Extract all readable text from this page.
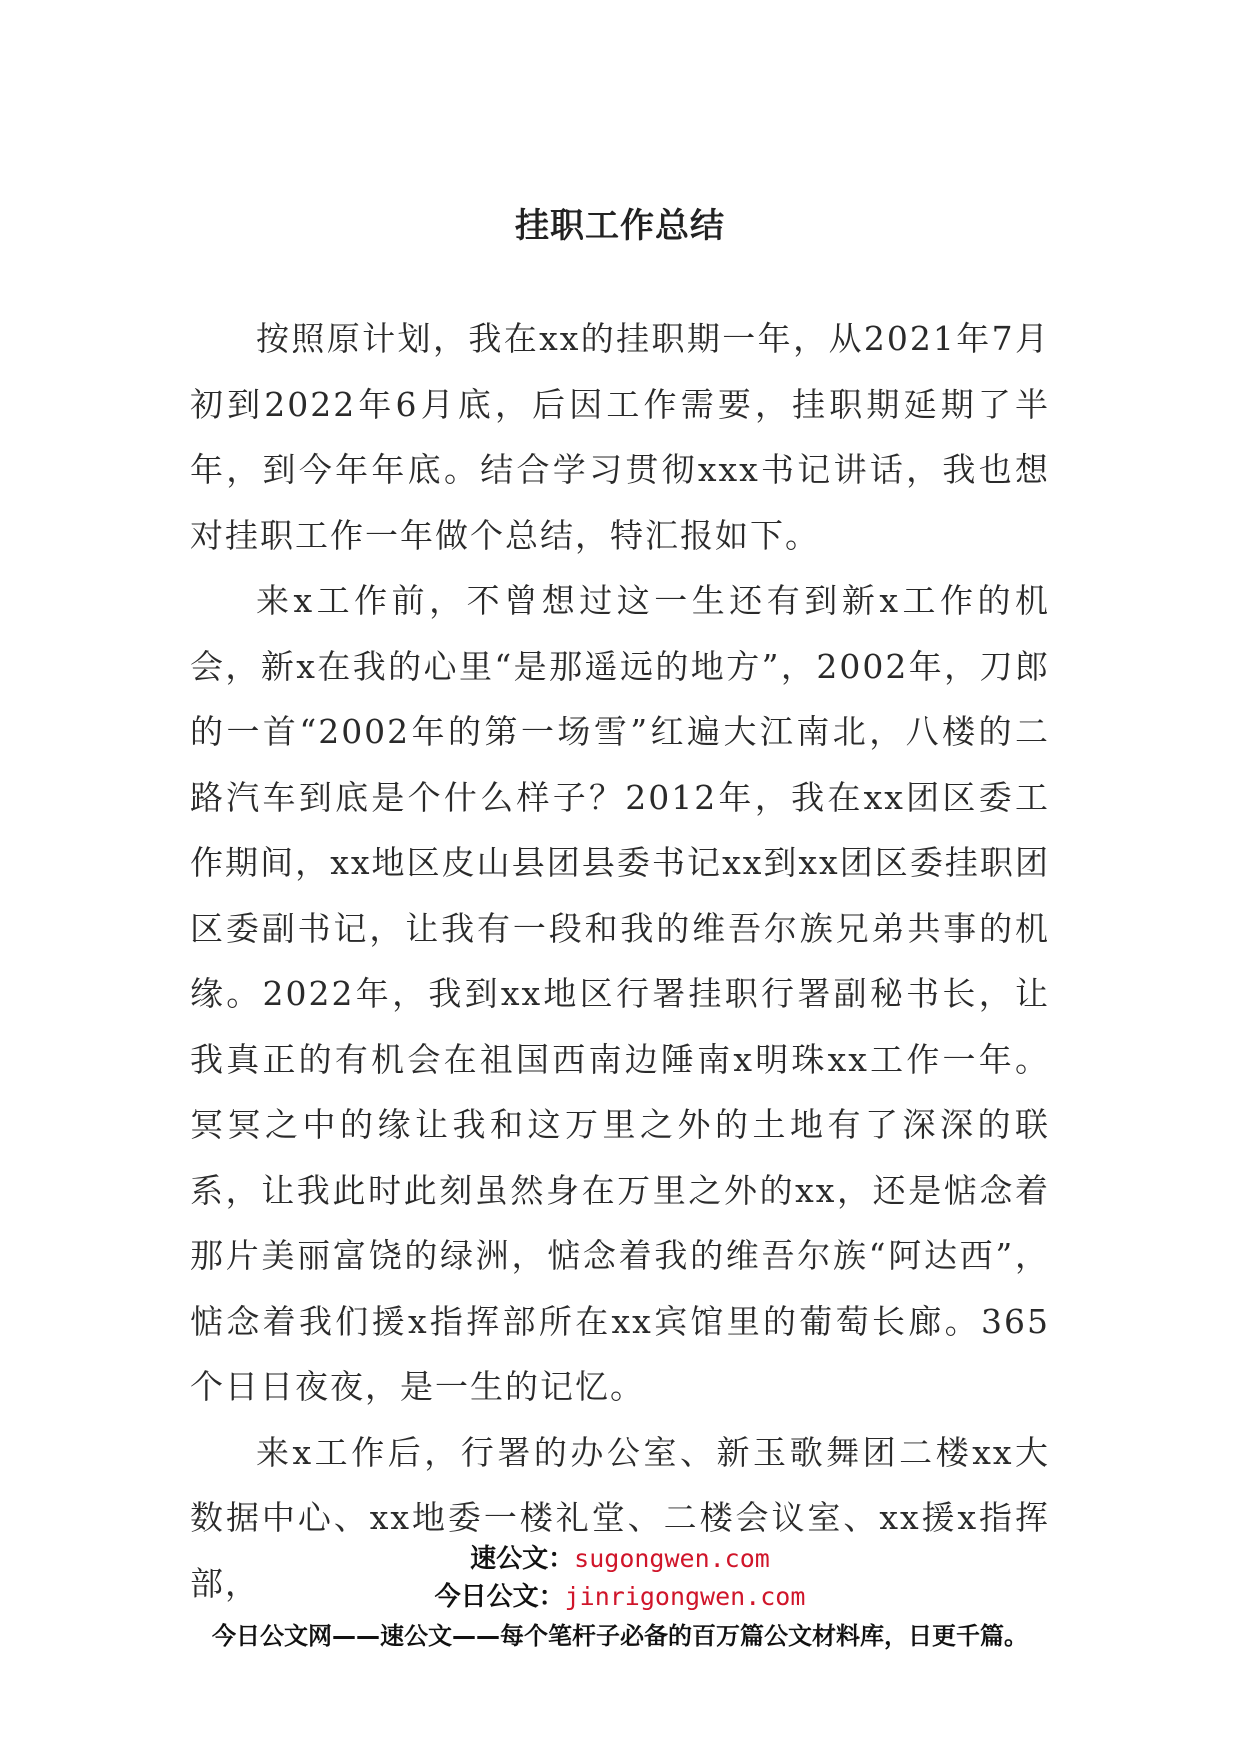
挂职工作总结

按照原计划，我在xx的挂职期一年，从2021年7月初到2022年6月底，后因工作需要，挂职期延期了半年，到今年年底。结合学习贯彻xxx书记讲话，我也想对挂职工作一年做个总结，特汇报如下。

来x工作前，不曾想过这一生还有到新x工作的机会，新x在我的心里“是那遥远的地方”，2002年，刀郎的一首“2002年的第一场雪”红遍大江南北，八楼的二路汽车到底是个什么样子？2012年，我在xx团区委工作期间，xx地区皮山县团县委书记xx到xx团区委挂职团区委副书记，让我有一段和我的维吾尔族兄弟共事的机缘。2022年，我到xx地区行署挂职行署副秘书长，让我真正的有机会在祖国西南边陲南x明珠xx工作一年。冥冥之中的缘让我和这万里之外的土地有了深深的联系，让我此时此刻虽然身在万里之外的xx，还是惦念着那片美丽富饶的绿洲，惦念着我的维吾尔族“阿达西”，惦念着我们援x指挥部所在xx宾馆里的葡萄长廊。365个日日夜夜，是一生的记忆。

来x工作后，行署的办公室、新玉歌舞团二楼xx大数据中心、xx地委一楼礼堂、二楼会议室、xx援x指挥部，

速公文：sugongwen.com
今日公文：jinrigongwen.com
今日公文网——速公文——每个笔杆子必备的百万篇公文材料库，日更千篇。
